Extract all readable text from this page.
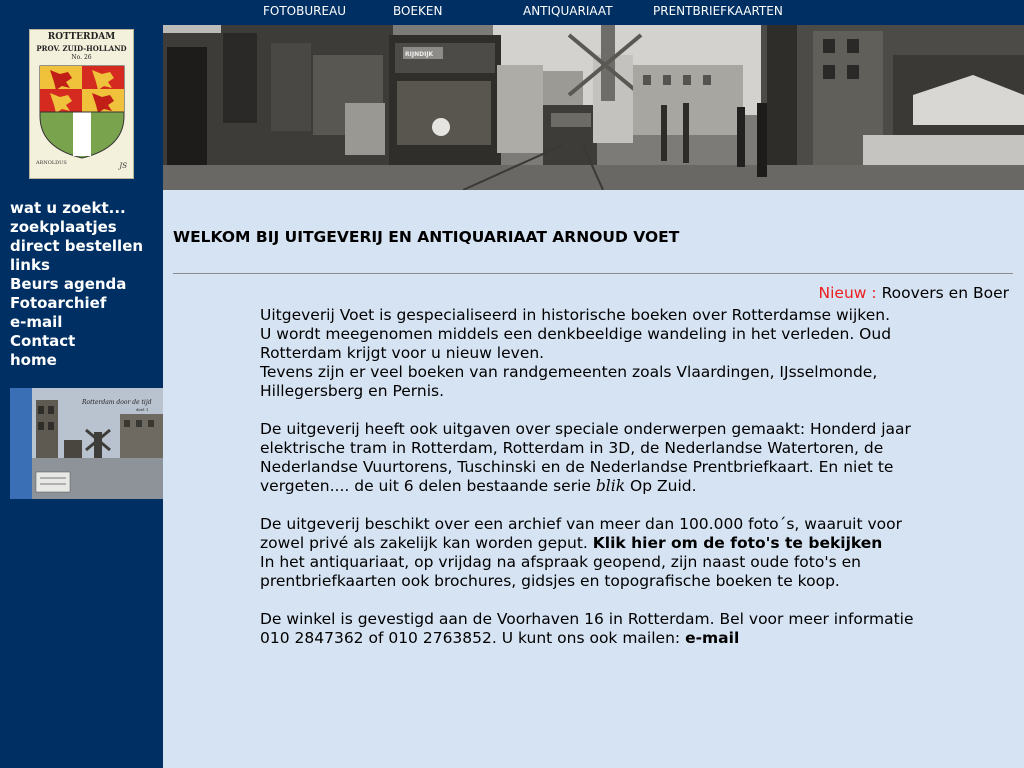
FOTOBUREAU	BOEKEN	ANTIQUARIAAT	PRENTBRIEFKAARTEN
ROTTERDAM
PROV. ZUID-HOLLAND
No. 26
ARNOLDUS	JS
wat u zoekt...
zoekplaatjes
direct bestellen
links
Beurs agenda
Fotoarchief
e-mail
Contact
home
Rotterdam door de tijd
deel 1
RIJNDIJK
WELKOM BIJ UITGEVERIJ EN ANTIQUARIAAT ARNOUD VOET
Nieuw : Roovers en Boer

Uitgeverij Voet is gespecialiseerd in historische boeken over Rotterdamse wijken.
U wordt meegenomen middels een denkbeeldige wandeling in het verleden. Oud Rotterdam krijgt voor u nieuw leven.
Tevens zijn er veel boeken van randgemeenten zoals Vlaardingen, IJsselmonde, Hillegersberg en Pernis.

De uitgeverij heeft ook uitgaven over speciale onderwerpen gemaakt: Honderd jaar elektrische tram in Rotterdam, Rotterdam in 3D, de Nederlandse Watertoren, de Nederlandse Vuurtorens, Tuschinski en de Nederlandse Prentbriefkaart. En niet te vergeten.... de uit 6 delen bestaande serie blik Op Zuid.

De uitgeverij beschikt over een archief van meer dan 100.000 foto´s, waaruit voor zowel privé als zakelijk kan worden geput. Klik hier om de foto's te bekijken
In het antiquariaat, op vrijdag na afspraak geopend, zijn naast oude foto's en prentbriefkaarten ook brochures, gidsjes en topografische boeken te koop.

De winkel is gevestigd aan de Voorhaven 16 in Rotterdam. Bel voor meer informatie 010 2847362 of 010 2763852. U kunt ons ook mailen: e-mail
